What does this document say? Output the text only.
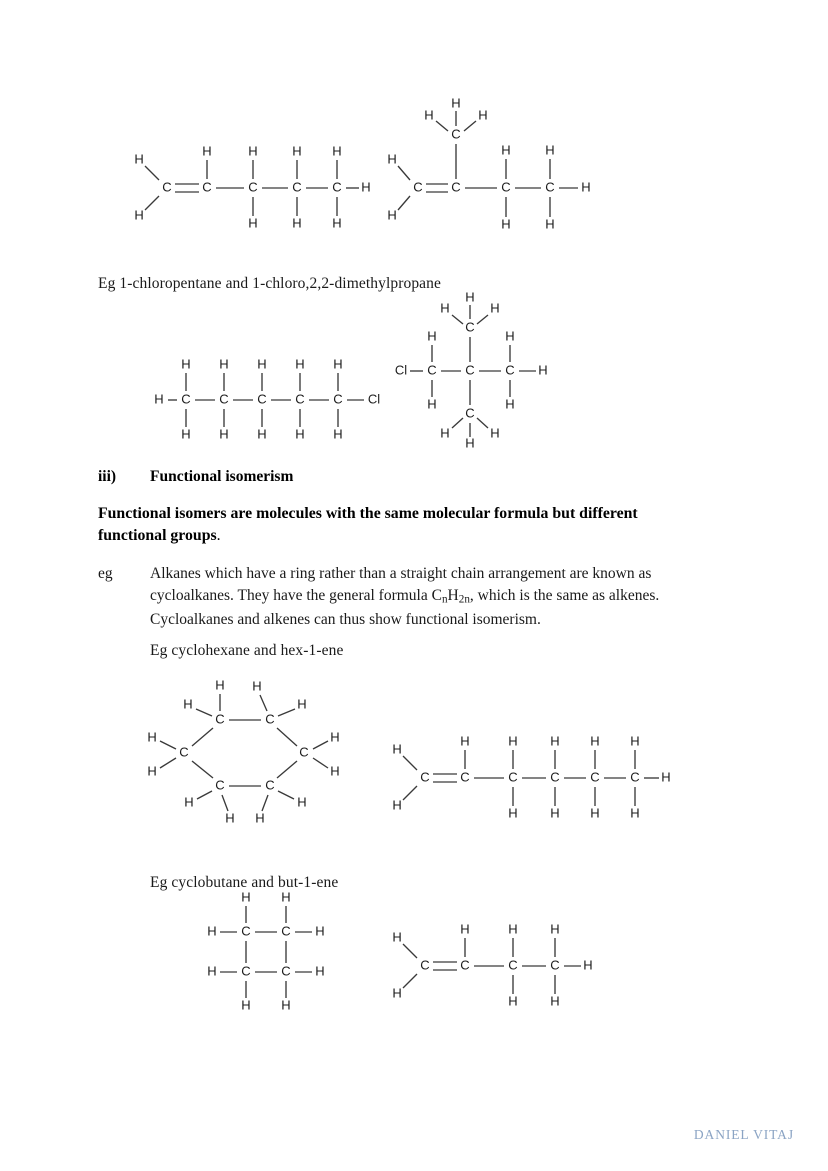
C C	C	C C
H
H
H	H
H
H
H
H
H
H	C C	C	C
C
H
H
H
H	H
H
H
H
H
H
Eg 1-chloropentane and 1-chloro,2,2-dimethylpropane
H C C C C C Cl
H H H H H
H H H H H
Cl C C C
C
C
H
H
H
H
H
H
H	H
H
H	H
iii) Functional isomerism
Functional isomers are molecules with the same molecular formula but different functional groups.
eg Alkanes which have a ring rather than a straight chain arrangement are known as
cycloalkanes. They have the general formula $C_nH_{2n}$, which is the same as alkenes.
Cycloalkanes and alkenes can thus show functional isomerism.
Eg cyclohexane and hex-1-ene
C	C
C	C
C	C
H
H
H
H
H
H
H
H
H
H
H
H
C C	C	C C C
H
H
H	H
H
H
H
H
H
H
H
H
Eg cyclobutane and but-1-ene
C C
C C
H H
H H
H	H
H	H	C C	C	C
H
H
H	H
H
H
H
H
DANIEL VITAJ
